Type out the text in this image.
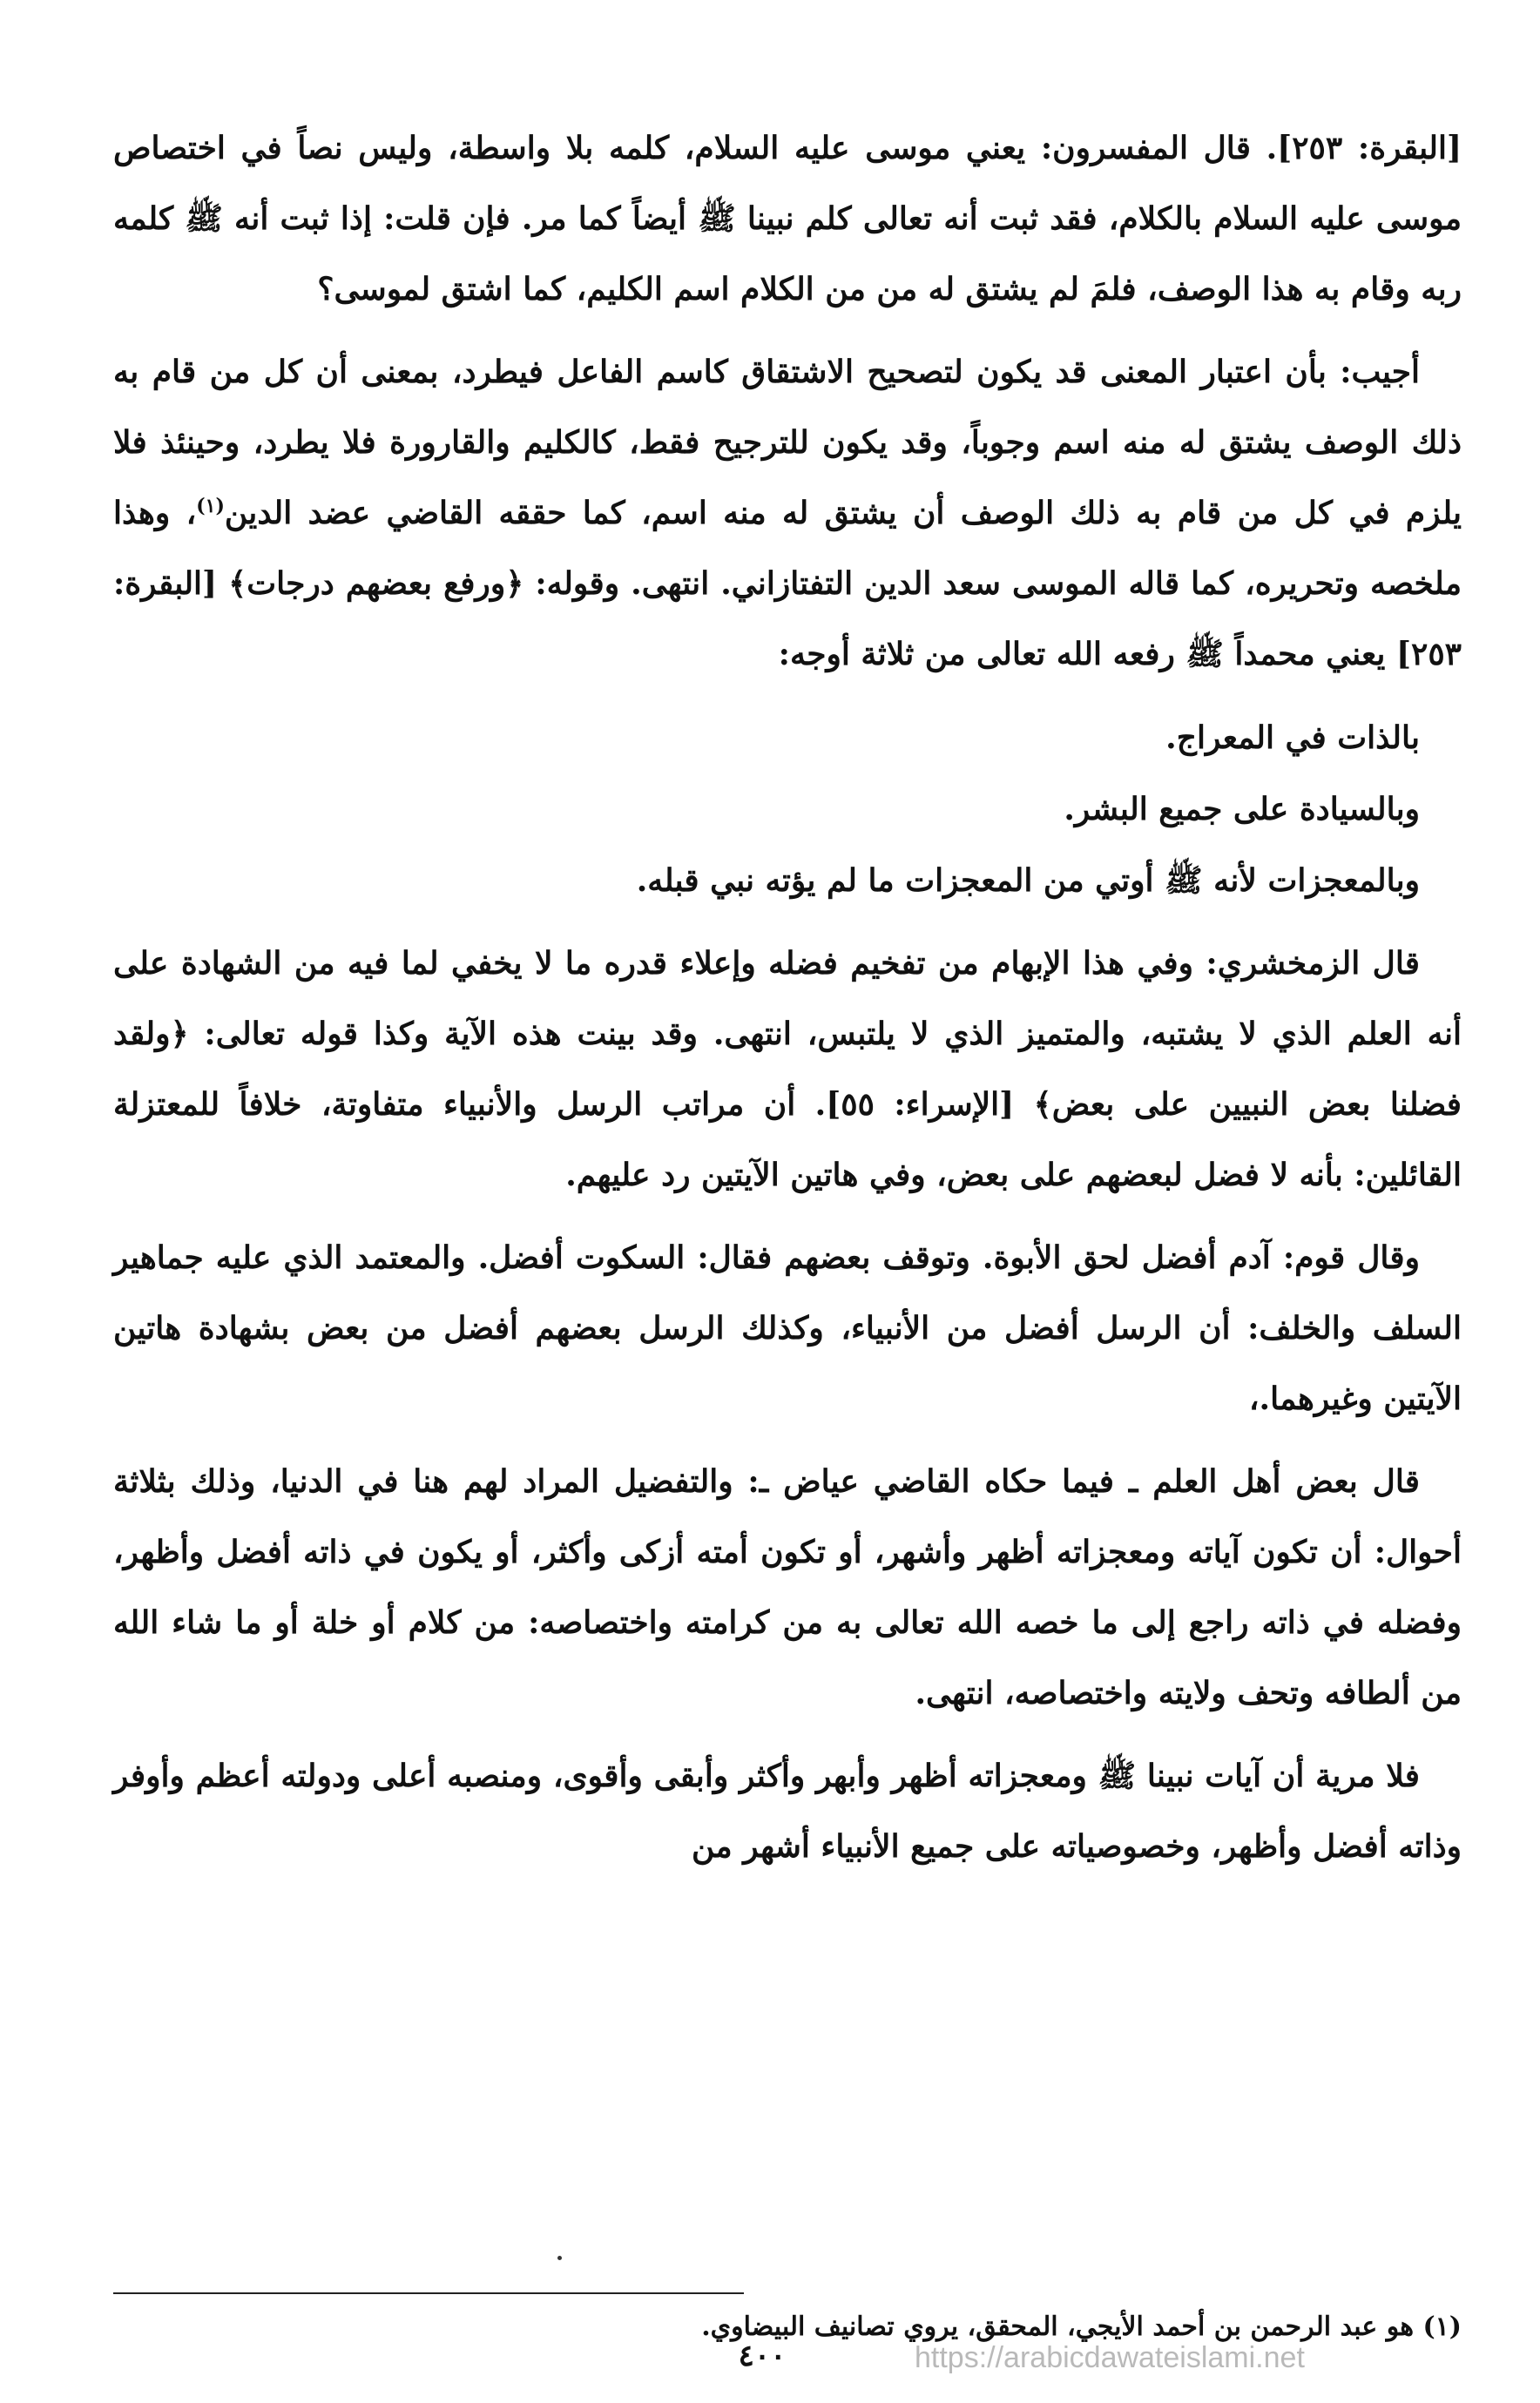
[البقرة: ٢٥٣]. قال المفسرون: يعني موسى عليه السلام، كلمه بلا واسطة، وليس نصاً في اختصاص موسى عليه السلام بالكلام، فقد ثبت أنه تعالى كلم نبينا ﷺ أيضاً كما مر. فإن قلت: إذا ثبت أنه ﷺ كلمه ربه وقام به هذا الوصف، فلمَ لم يشتق له من من الكلام اسم الكليم، كما اشتق لموسى؟

أجيب: بأن اعتبار المعنى قد يكون لتصحيح الاشتقاق كاسم الفاعل فيطرد، بمعنى أن كل من قام به ذلك الوصف يشتق له منه اسم وجوباً، وقد يكون للترجيح فقط، كالكليم والقارورة فلا يطرد، وحينئذ فلا يلزم في كل من قام به ذلك الوصف أن يشتق له منه اسم، كما حققه القاضي عضد الدين$^{(١)}$، وهذا ملخصه وتحريره، كما قاله الموسى سعد الدين التفتازاني. انتهى. وقوله: ﴿ورفع بعضهم درجات﴾ [البقرة: ٢٥٣] يعني محمداً ﷺ رفعه الله تعالى من ثلاثة أوجه:

بالذات في المعراج.

وبالسيادة على جميع البشر.

وبالمعجزات لأنه ﷺ أوتي من المعجزات ما لم يؤته نبي قبله.

قال الزمخشري: وفي هذا الإبهام من تفخيم فضله وإعلاء قدره ما لا يخفي لما فيه من الشهادة على أنه العلم الذي لا يشتبه، والمتميز الذي لا يلتبس، انتهى. وقد بينت هذه الآية وكذا قوله تعالى: ﴿ولقد فضلنا بعض النبيين على بعض﴾ [الإسراء: ٥٥]. أن مراتب الرسل والأنبياء متفاوتة، خلافاً للمعتزلة القائلين: بأنه لا فضل لبعضهم على بعض، وفي هاتين الآيتين رد عليهم.

وقال قوم: آدم أفضل لحق الأبوة. وتوقف بعضهم فقال: السكوت أفضل. والمعتمد الذي عليه جماهير السلف والخلف: أن الرسل أفضل من الأنبياء، وكذلك الرسل بعضهم أفضل من بعض بشهادة هاتين الآيتين وغيرهما.،

قال بعض أهل العلم ـ فيما حكاه القاضي عياض ـ: والتفضيل المراد لهم هنا في الدنيا، وذلك بثلاثة أحوال: أن تكون آياته ومعجزاته أظهر وأشهر، أو تكون أمته أزكى وأكثر، أو يكون في ذاته أفضل وأظهر، وفضله في ذاته راجع إلى ما خصه الله تعالى به من كرامته واختصاصه: من كلام أو خلة أو ما شاء الله من ألطافه وتحف ولايته واختصاصه، انتهى.

فلا مرية أن آيات نبينا ﷺ ومعجزاته أظهر وأبهر وأكثر وأبقى وأقوى، ومنصبه أعلى ودولته أعظم وأوفر وذاته أفضل وأظهر، وخصوصياته على جميع الأنبياء أشهر من

(١) هو عبد الرحمن بن أحمد الأيجي، المحقق، يروي تصانيف البيضاوي.
٤٠٠	https://arabicdawateislami.net
